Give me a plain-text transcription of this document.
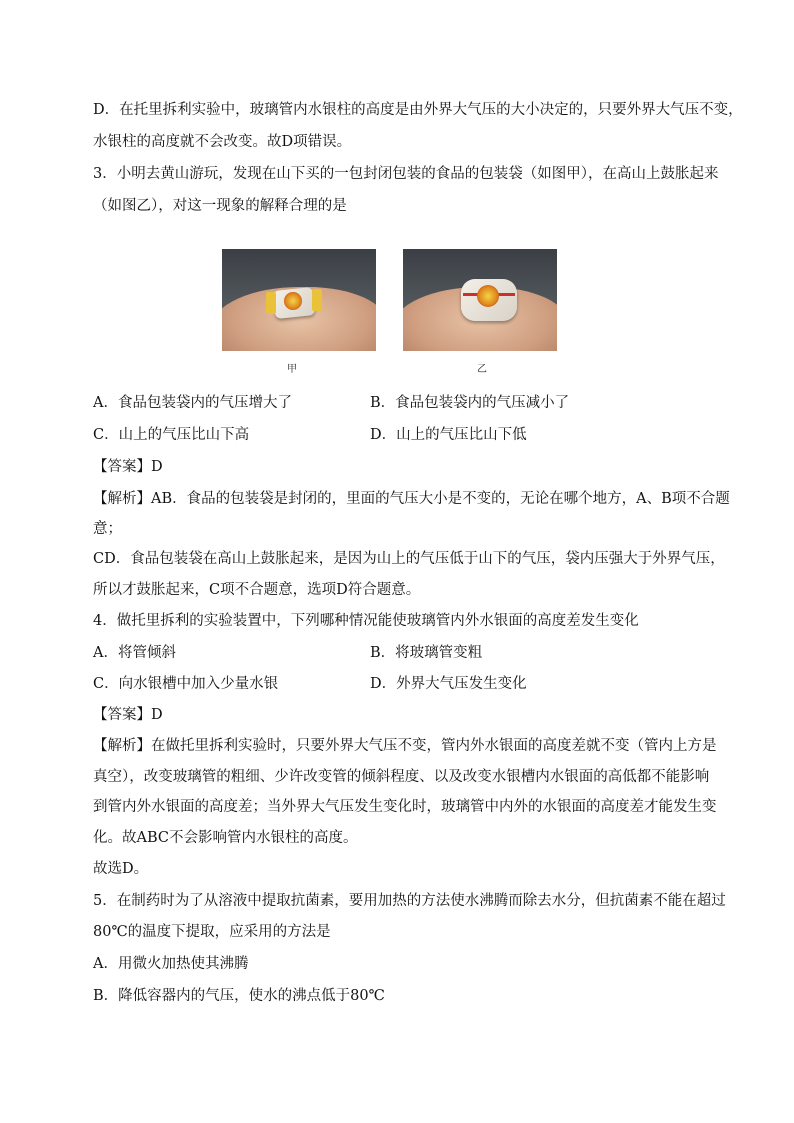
D．在托里拆利实验中，玻璃管内水银柱的高度是由外界大气压的大小决定的，只要外界大气压不变，
水银柱的高度就不会改变。故D项错误。
3．小明去黄山游玩，发现在山下买的一包封闭包装的食品的包装袋（如图甲），在高山上鼓胀起来
（如图乙），对这一现象的解释合理的是
甲	乙
A．食品包装袋内的气压增大了	B．食品包装袋内的气压减小了
C．山上的气压比山下高	D．山上的气压比山下低
【答案】D
【解析】AB．食品的包装袋是封闭的，里面的气压大小是不变的，无论在哪个地方，A、B项不合题
意；
CD．食品包装袋在高山上鼓胀起来，是因为山上的气压低于山下的气压，袋内压强大于外界气压，
所以才鼓胀起来，C项不合题意，选项D符合题意。
4．做托里拆利的实验装置中，下列哪种情况能使玻璃管内外水银面的高度差发生变化
A．将管倾斜	B．将玻璃管变粗
C．向水银槽中加入少量水银	D．外界大气压发生变化
【答案】D
【解析】在做托里拆利实验时，只要外界大气压不变，管内外水银面的高度差就不变（管内上方是
真空），改变玻璃管的粗细、少许改变管的倾斜程度、以及改变水银槽内水银面的高低都不能影响
到管内外水银面的高度差；当外界大气压发生变化时，玻璃管中内外的水银面的高度差才能发生变
化。故ABC不会影响管内水银柱的高度。
故选D。
5．在制药时为了从溶液中提取抗菌素，要用加热的方法使水沸腾而除去水分，但抗菌素不能在超过
80℃的温度下提取，应采用的方法是
A．用微火加热使其沸腾
B．降低容器内的气压，使水的沸点低于80℃
